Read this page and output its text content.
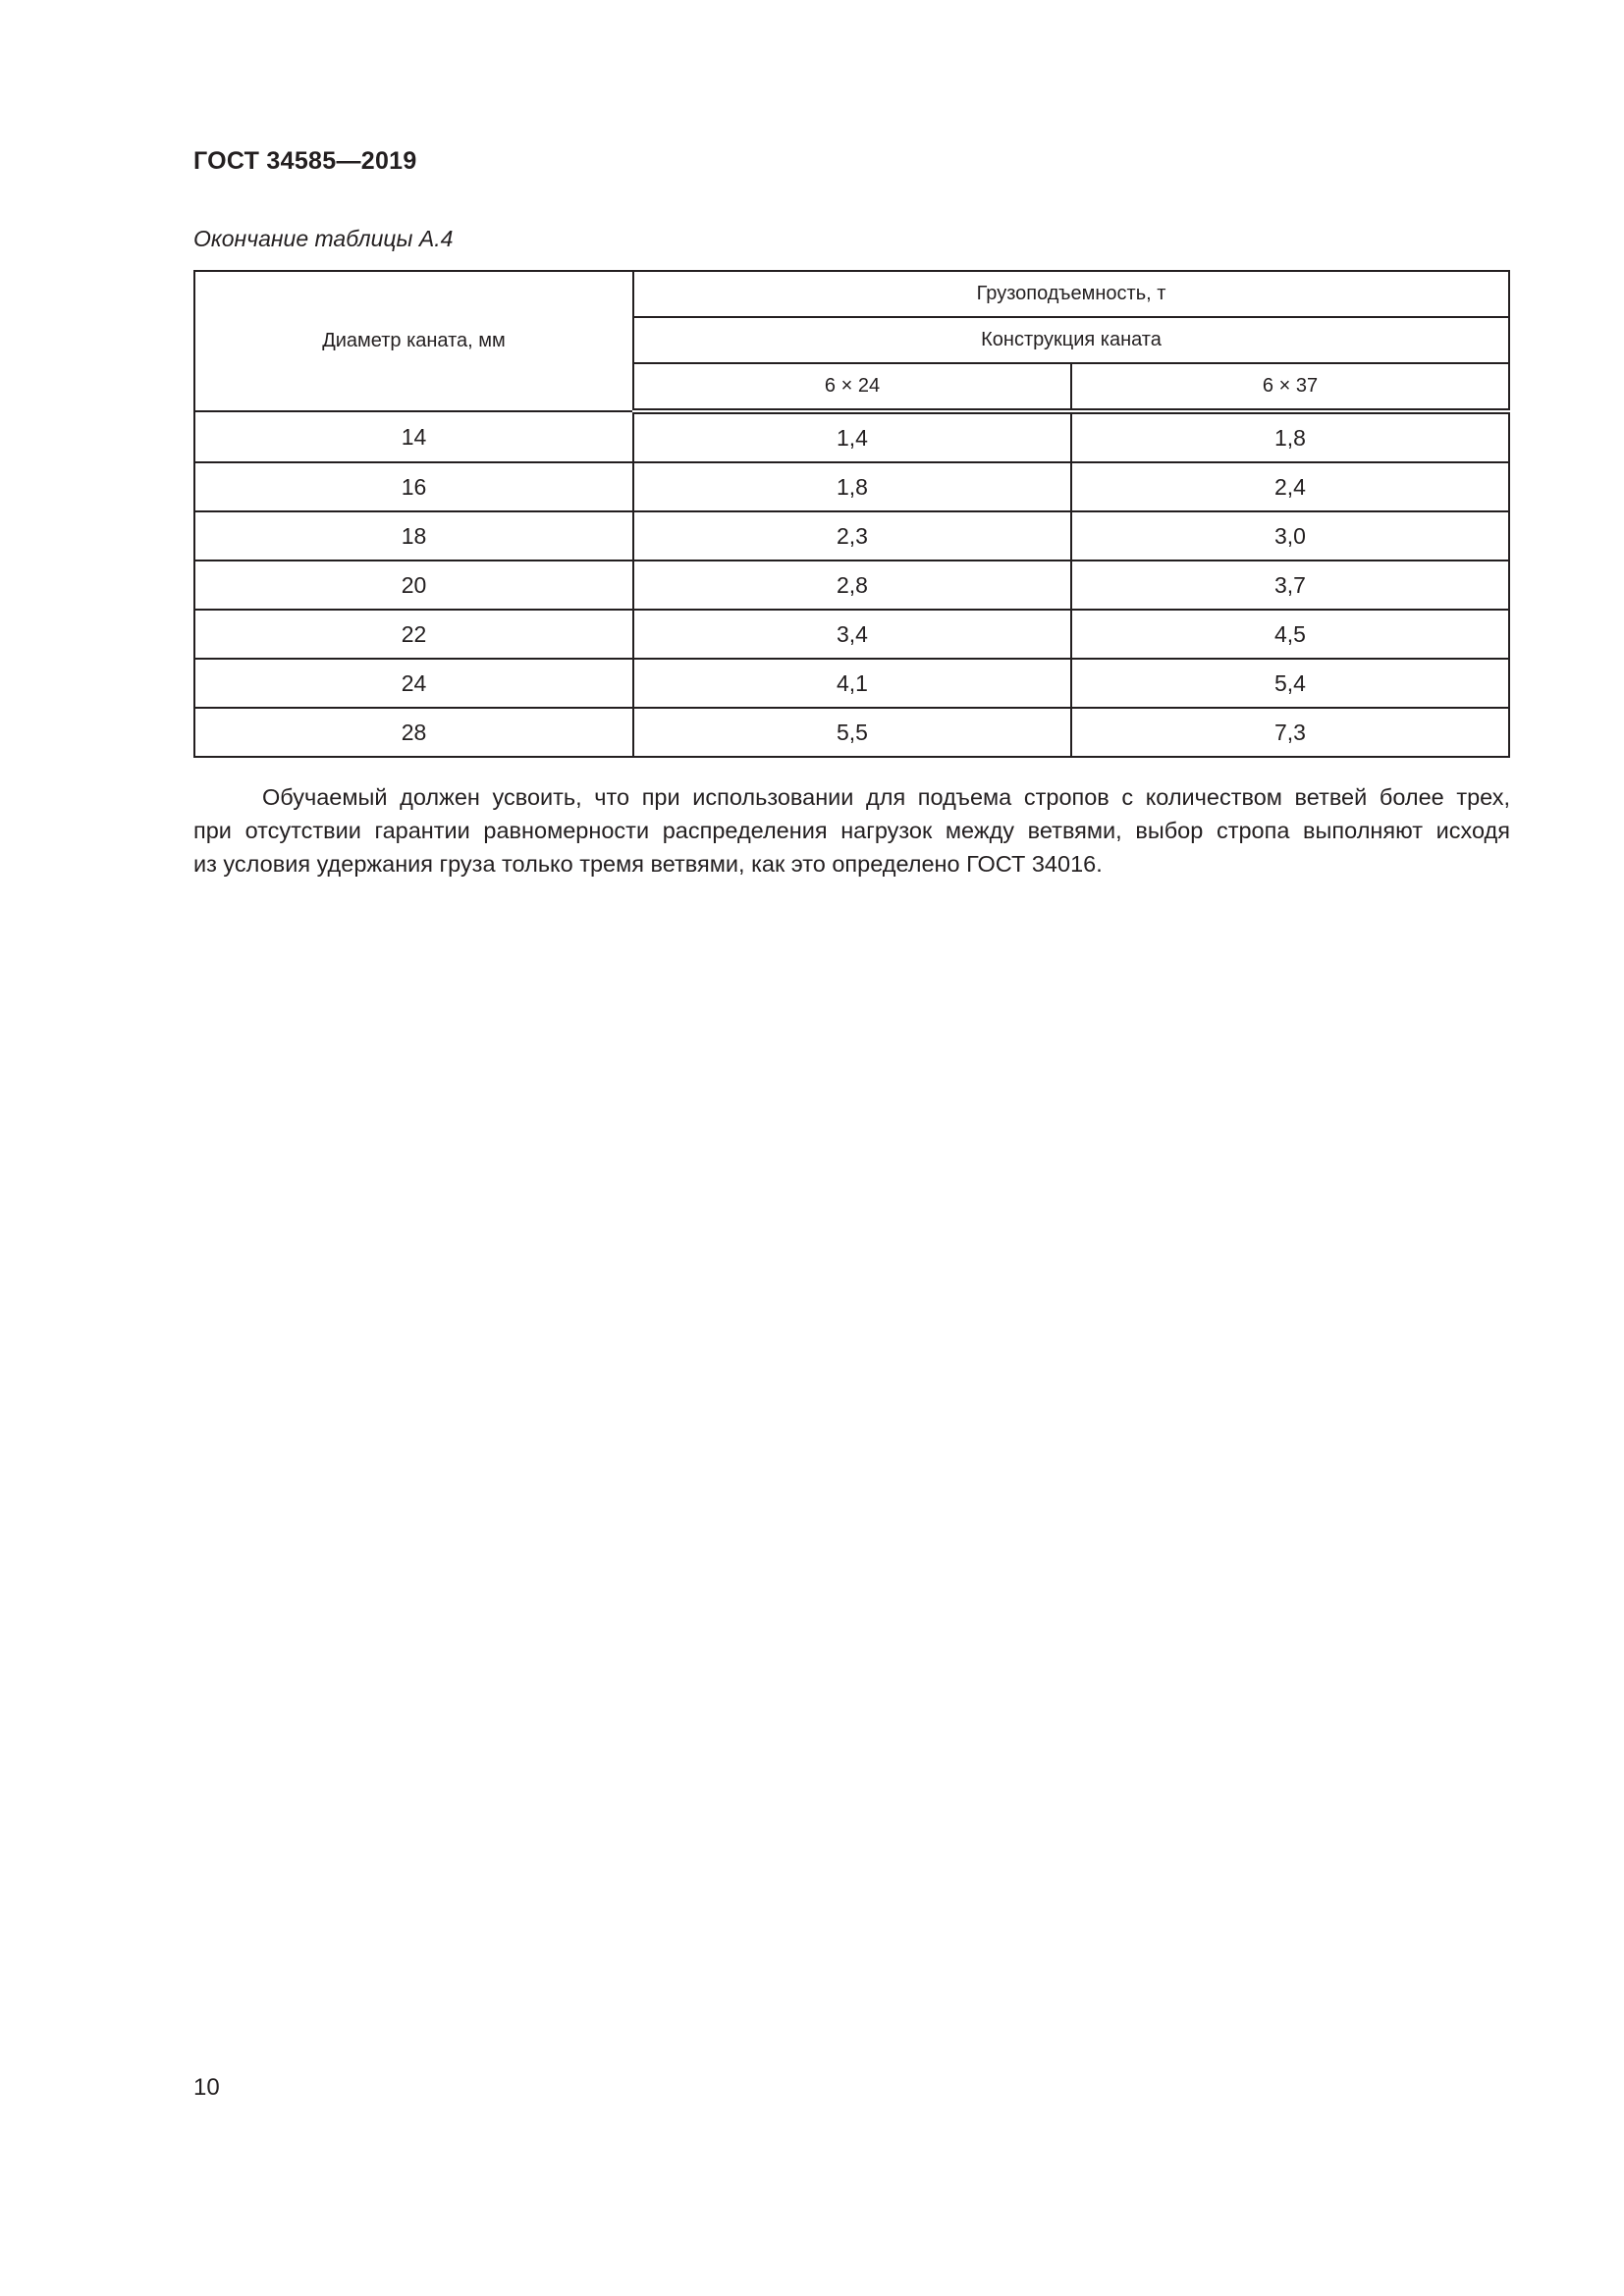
ГОСТ 34585—2019
Окончание таблицы А.4
Диаметр каната, мм	Грузоподъемность, т	
	Конструкция каната	
	6 × 24	6 × 37
14	1,4	1,8
16	1,8	2,4
18	2,3	3,0
20	2,8	3,7
22	3,4	4,5
24	4,1	5,4
28	5,5	7,3

Обучаемый должен усвоить, что при использовании для подъема стропов с количеством ветвей более трех,
при отсутствии гарантии равномерности распределения нагрузок между ветвями, выбор стропа выполняют исходя
из условия удержания груза только тремя ветвями, как это определено ГОСТ 34016.

10
